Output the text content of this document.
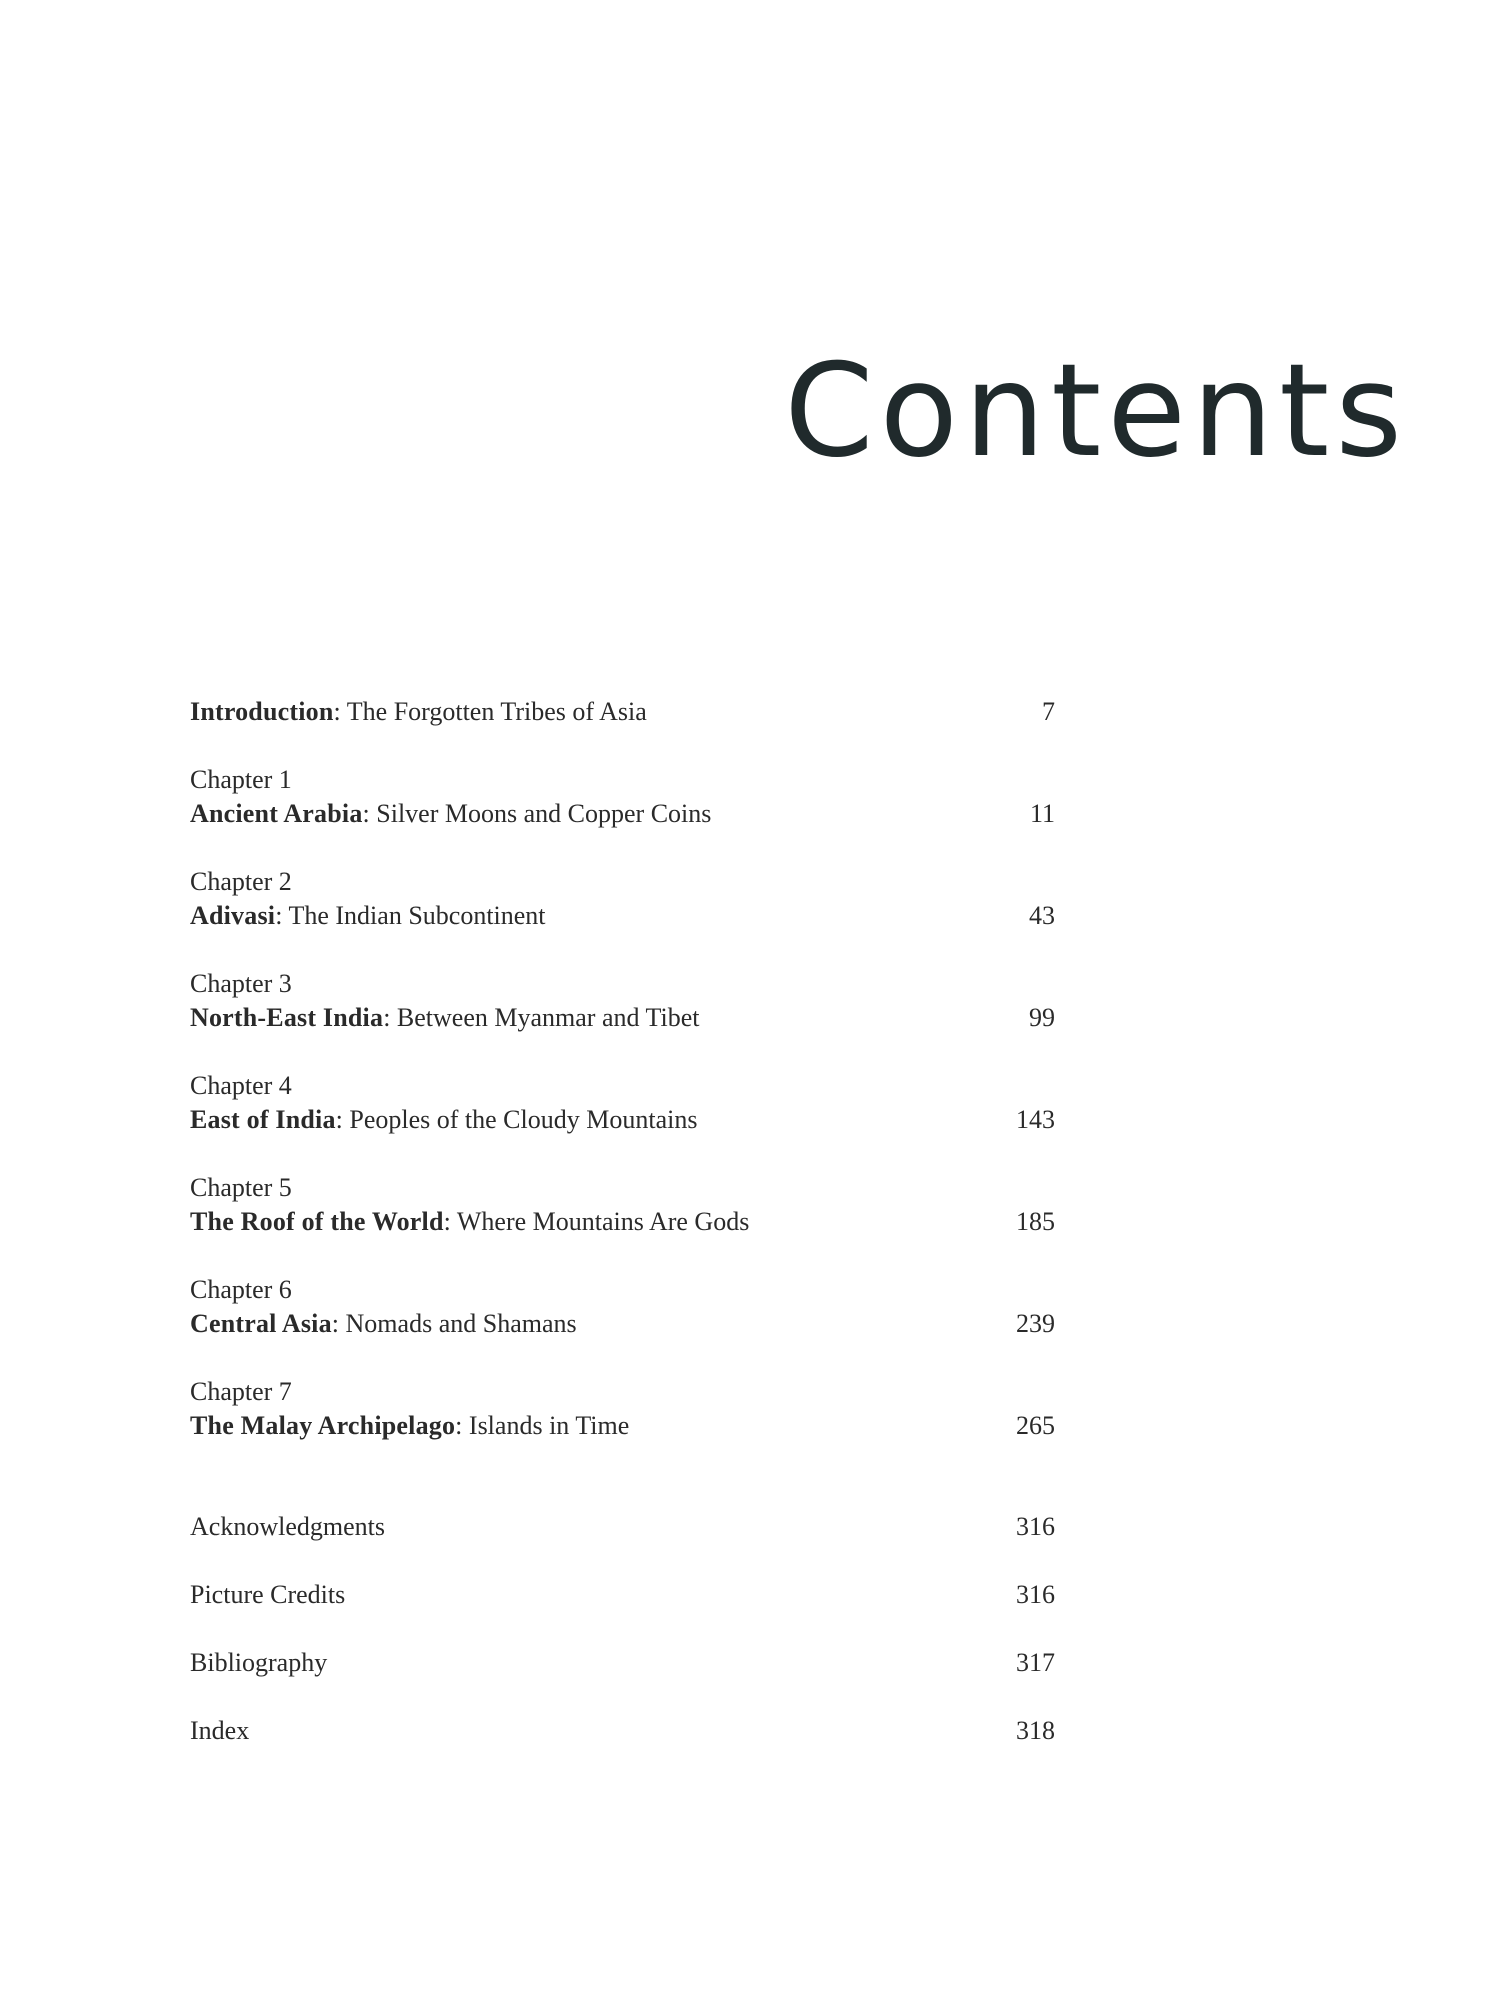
Contents
Introduction: The Forgotten Tribes of Asia	7
Chapter 1
Ancient Arabia: Silver Moons and Copper Coins	11
Chapter 2
Adivasi: The Indian Subcontinent	43
Chapter 3
North-East India: Between Myanmar and Tibet	99
Chapter 4
East of India: Peoples of the Cloudy Mountains	143
Chapter 5
The Roof of the World: Where Mountains Are Gods	185
Chapter 6
Central Asia: Nomads and Shamans	239
Chapter 7
The Malay Archipelago: Islands in Time	265
Acknowledgments	316
Picture Credits	316
Bibliography	317
Index	318
